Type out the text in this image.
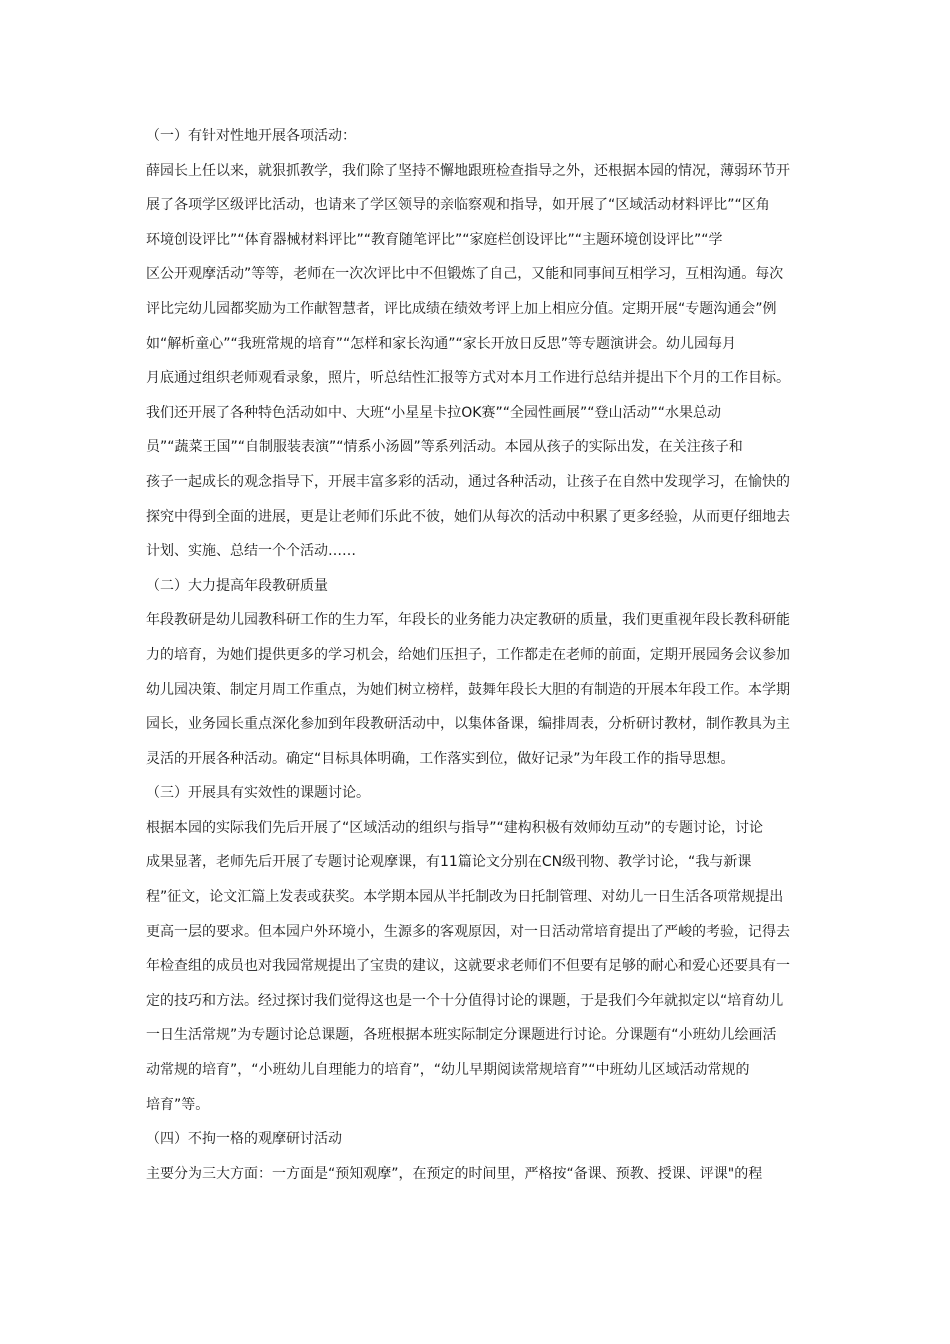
（一）有针对性地开展各项活动：
薛园长上任以来，就狠抓教学，我们除了坚持不懈地跟班检查指导之外，还根据本园的情况，薄弱环节开
展了各项学区级评比活动，也请来了学区领导的亲临察观和指导，如开展了“区域活动材料评比”“区角
环境创设评比”“体育器械材料评比”“教育随笔评比”“家庭栏创设评比”“主题环境创设评比”“学
区公开观摩活动”等等，老师在一次次评比中不但锻炼了自己，又能和同事间互相学习，互相沟通。每次
评比完幼儿园都奖励为工作献智慧者，评比成绩在绩效考评上加上相应分值。定期开展“专题沟通会”例
如“解析童心”“我班常规的培育”“怎样和家长沟通”“家长开放日反思”等专题演讲会。幼儿园每月
月底通过组织老师观看录象，照片，听总结性汇报等方式对本月工作进行总结并提出下个月的工作目标。
我们还开展了各种特色活动如中、大班“小星星卡拉OK赛”“全园性画展”“登山活动”“水果总动
员”“蔬菜王国”“自制服装表演”“情系小汤圆”等系列活动。本园从孩子的实际出发，在关注孩子和
孩子一起成长的观念指导下，开展丰富多彩的活动，通过各种活动，让孩子在自然中发现学习，在愉快的
探究中得到全面的进展，更是让老师们乐此不彼，她们从每次的活动中积累了更多经验，从而更仔细地去
计划、实施、总结一个个活动……
（二）大力提高年段教研质量
年段教研是幼儿园教科研工作的生力军，年段长的业务能力决定教研的质量，我们更重视年段长教科研能
力的培育，为她们提供更多的学习机会，给她们压担子，工作都走在老师的前面，定期开展园务会议参加
幼儿园决策、制定月周工作重点，为她们树立榜样，鼓舞年段长大胆的有制造的开展本年段工作。本学期
园长，业务园长重点深化参加到年段教研活动中，以集体备课，编排周表，分析研讨教材，制作教具为主
灵活的开展各种活动。确定“目标具体明确，工作落实到位，做好记录”为年段工作的指导思想。
（三）开展具有实效性的课题讨论。
根据本园的实际我们先后开展了“区域活动的组织与指导”“建构积极有效师幼互动”的专题讨论，讨论
成果显著，老师先后开展了专题讨论观摩课，有11篇论文分别在CN级刊物、教学讨论，“我与新课
程”征文，论文汇篇上发表或获奖。本学期本园从半托制改为日托制管理、对幼儿一日生活各项常规提出
更高一层的要求。但本园户外环境小，生源多的客观原因，对一日活动常培育提出了严峻的考验，记得去
年检查组的成员也对我园常规提出了宝贵的建议，这就要求老师们不但要有足够的耐心和爱心还要具有一
定的技巧和方法。经过探讨我们觉得这也是一个十分值得讨论的课题，于是我们今年就拟定以“培育幼儿
一日生活常规”为专题讨论总课题，各班根据本班实际制定分课题进行讨论。分课题有“小班幼儿绘画活
动常规的培育”，“小班幼儿自理能力的培育”，“幼儿早期阅读常规培育”“中班幼儿区域活动常规的
培育”等。
（四）不拘一格的观摩研讨活动
主要分为三大方面：一方面是“预知观摩”，在预定的时间里，严格按“备课、预教、授课、评课"的程
